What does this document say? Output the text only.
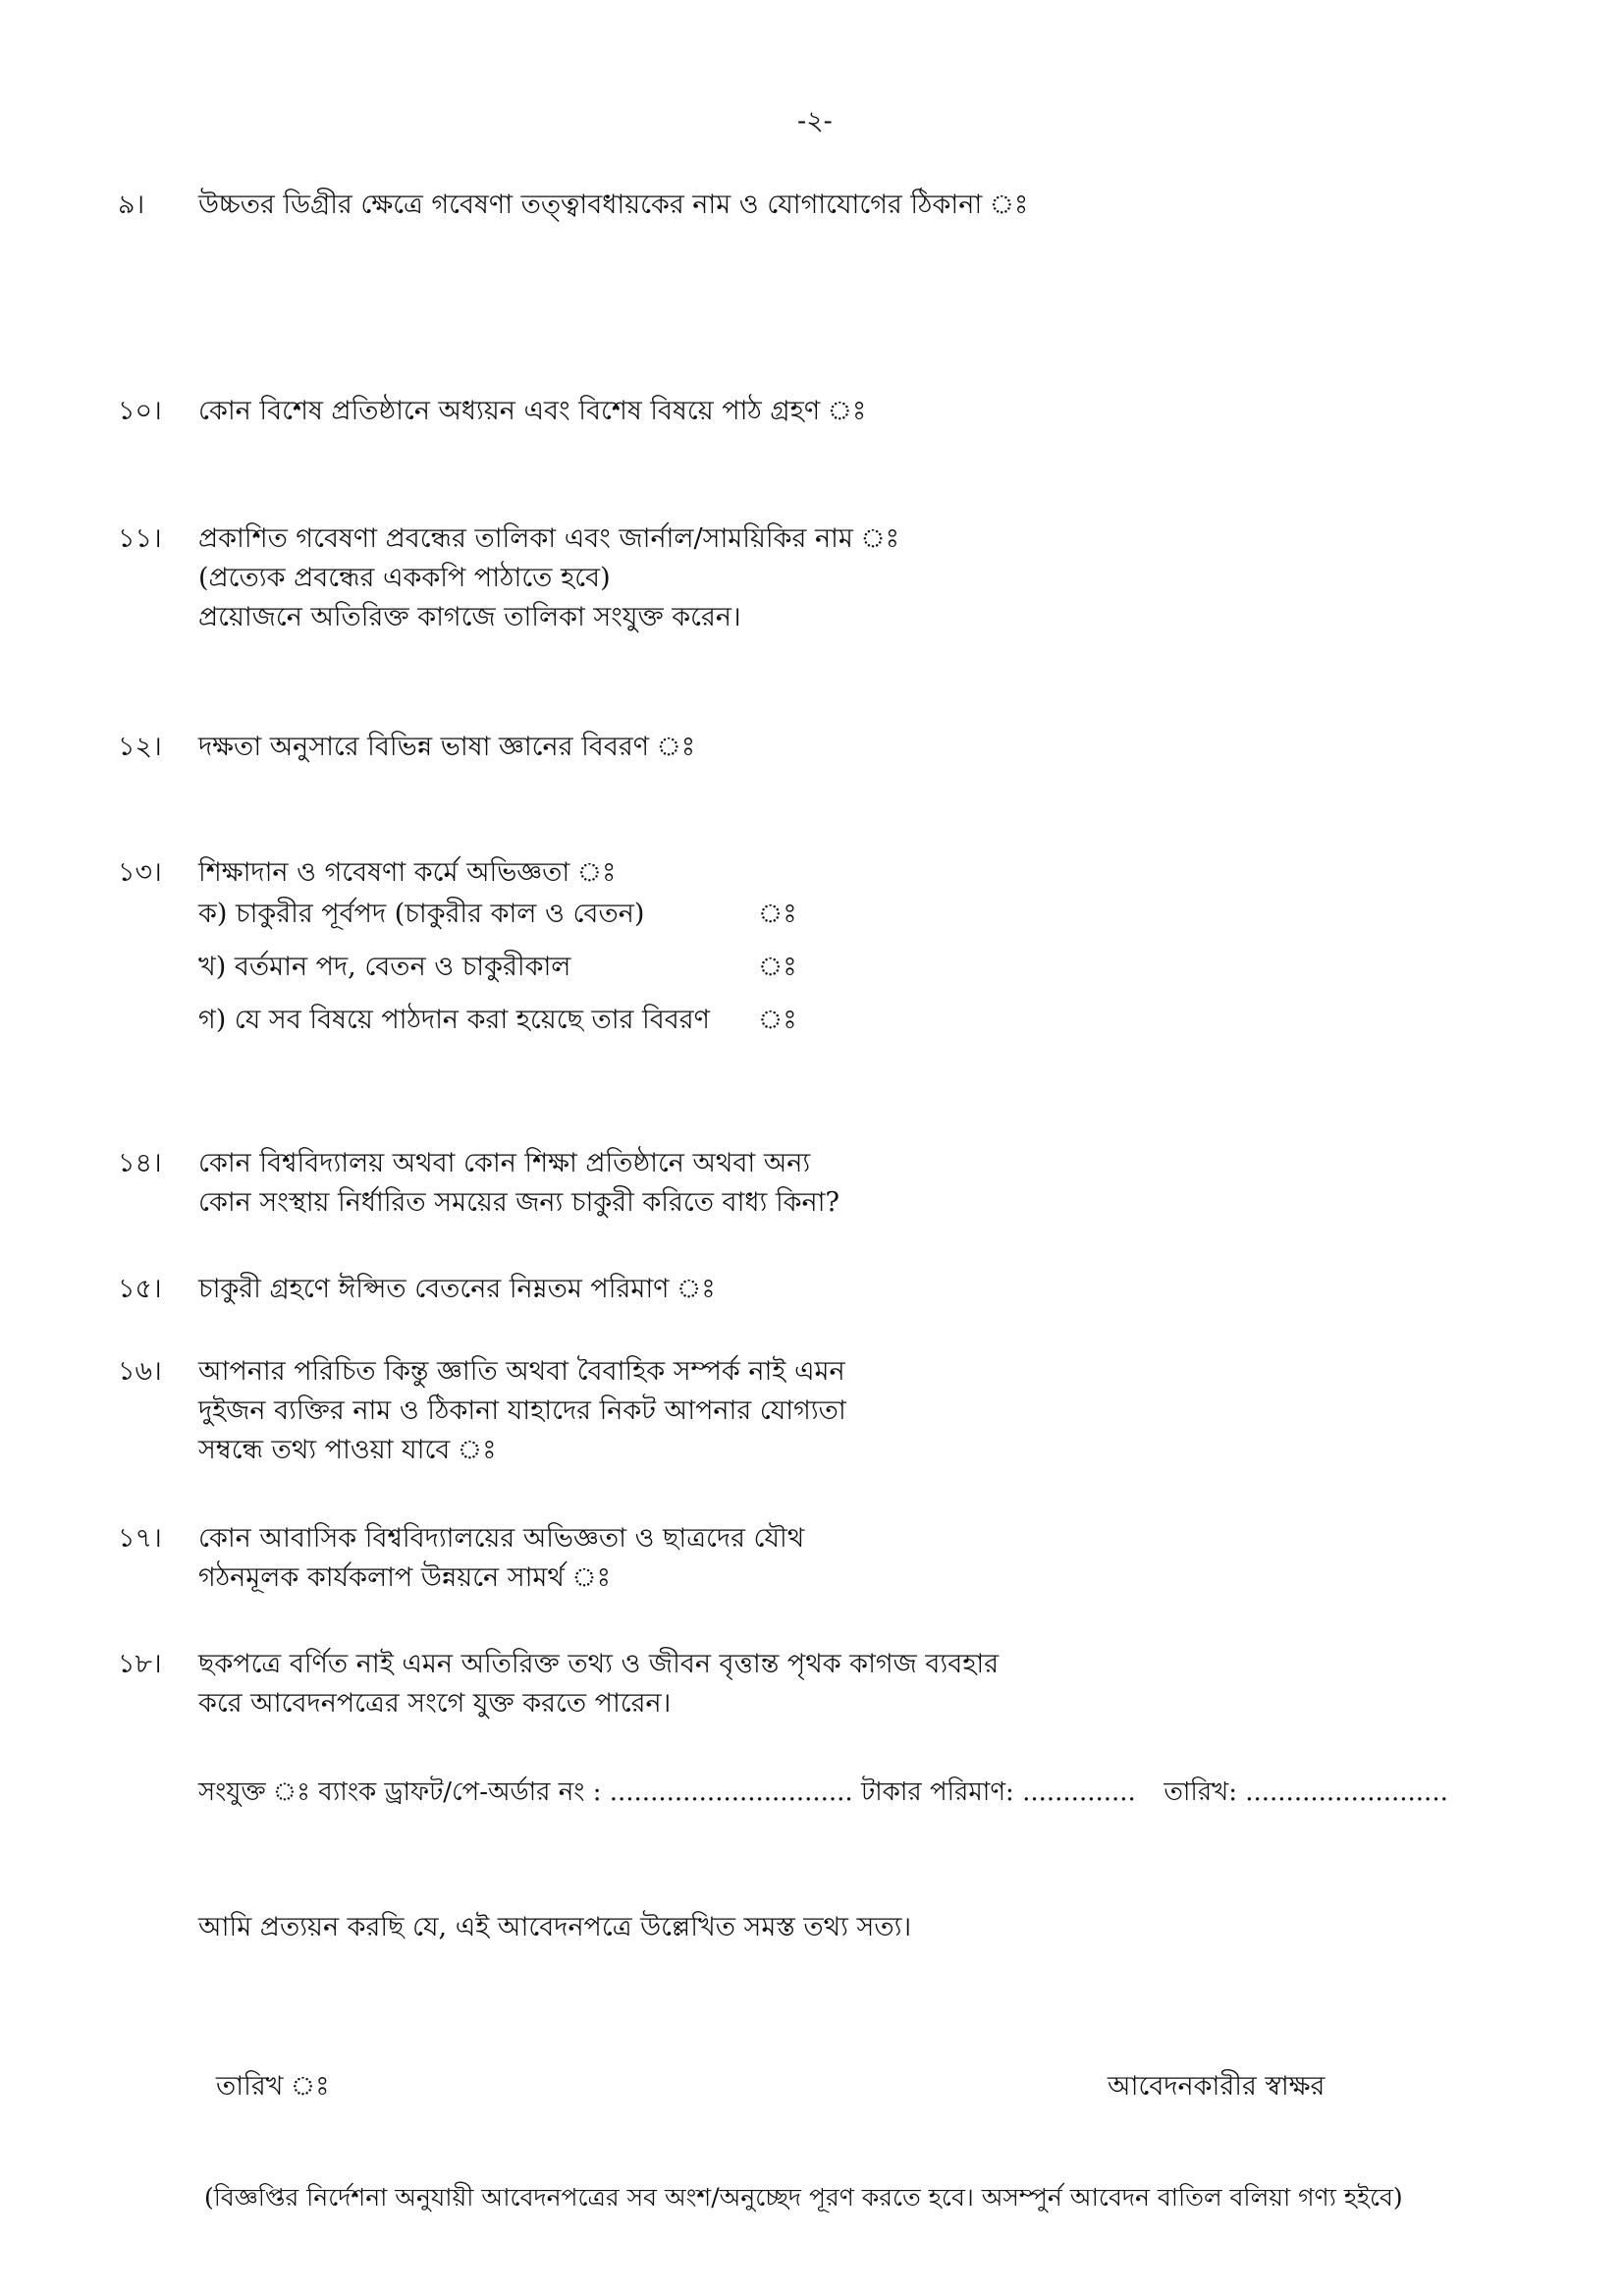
-২-
৯।	উচ্চতর ডিগ্রীর ক্ষেত্রে গবেষণা তত্ত্বাবধায়কের নাম ও যোগাযোগের ঠিকানা ঃ
১০।	কোন বিশেষ প্রতিষ্ঠানে অধ্যয়ন এবং বিশেষ বিষয়ে পাঠ গ্রহণ ঃ
১১।	প্রকাশিত গবেষণা প্রবন্ধের তালিকা এবং জার্নাল/সাময়িকির নাম ঃ
(প্রত্যেক প্রবন্ধের এককপি পাঠাতে হবে)
প্রয়োজনে অতিরিক্ত কাগজে তালিকা সংযুক্ত করেন।
১২।	দক্ষতা অনুসারে বিভিন্ন ভাষা জ্ঞানের বিবরণ ঃ
১৩।	শিক্ষাদান ও গবেষণা কর্মে অভিজ্ঞতা ঃ
ক) চাকুরীর পূর্বপদ (চাকুরীর কাল ও বেতন)	ঃ
খ) বর্তমান পদ, বেতন ও চাকুরীকাল	ঃ
গ) যে সব বিষয়ে পাঠদান করা হয়েছে তার বিবরণ ঃ
১৪।	কোন বিশ্ববিদ্যালয় অথবা কোন শিক্ষা প্রতিষ্ঠানে অথবা অন্য
কোন সংস্থায় নির্ধারিত সময়ের জন্য চাকুরী করিতে বাধ্য কিনা?
১৫।	চাকুরী গ্রহণে ঈপ্সিত বেতনের নিম্নতম পরিমাণ ঃ
১৬।	আপনার পরিচিত কিন্তু জ্ঞাতি অথবা বৈবাহিক সম্পর্ক নাই এমন
দুইজন ব্যক্তির নাম ও ঠিকানা যাহাদের নিকট আপনার যোগ্যতা
সম্বন্ধে তথ্য পাওয়া যাবে ঃ
১৭।	কোন আবাসিক বিশ্ববিদ্যালয়ের অভিজ্ঞতা ও ছাত্রদের যৌথ
গঠনমূলক কার্যকলাপ উন্নয়নে সামর্থ ঃ
১৮।	ছকপত্রে বর্ণিত নাই এমন অতিরিক্ত তথ্য ও জীবন বৃত্তান্ত পৃথক কাগজ ব্যবহার
করে আবেদনপত্রের সংগে যুক্ত করতে পারেন।
সংযুক্ত ঃ ব্যাংক ড্রাফট/পে-অর্ডার নং : .............................. টাকার পরিমাণ: .............. তারিখ: .........................
আমি প্রত্যয়ন করছি যে, এই আবেদনপত্রে উল্লেখিত সমস্ত তথ্য সত্য।
তারিখ ঃ	আবেদনকারীর স্বাক্ষর
(বিজ্ঞপ্তির নির্দেশনা অনুযায়ী আবেদনপত্রের সব অংশ/অনুচ্ছেদ পূরণ করতে হবে। অসম্পুর্ন আবেদন বাতিল বলিয়া গণ্য হইবে)
